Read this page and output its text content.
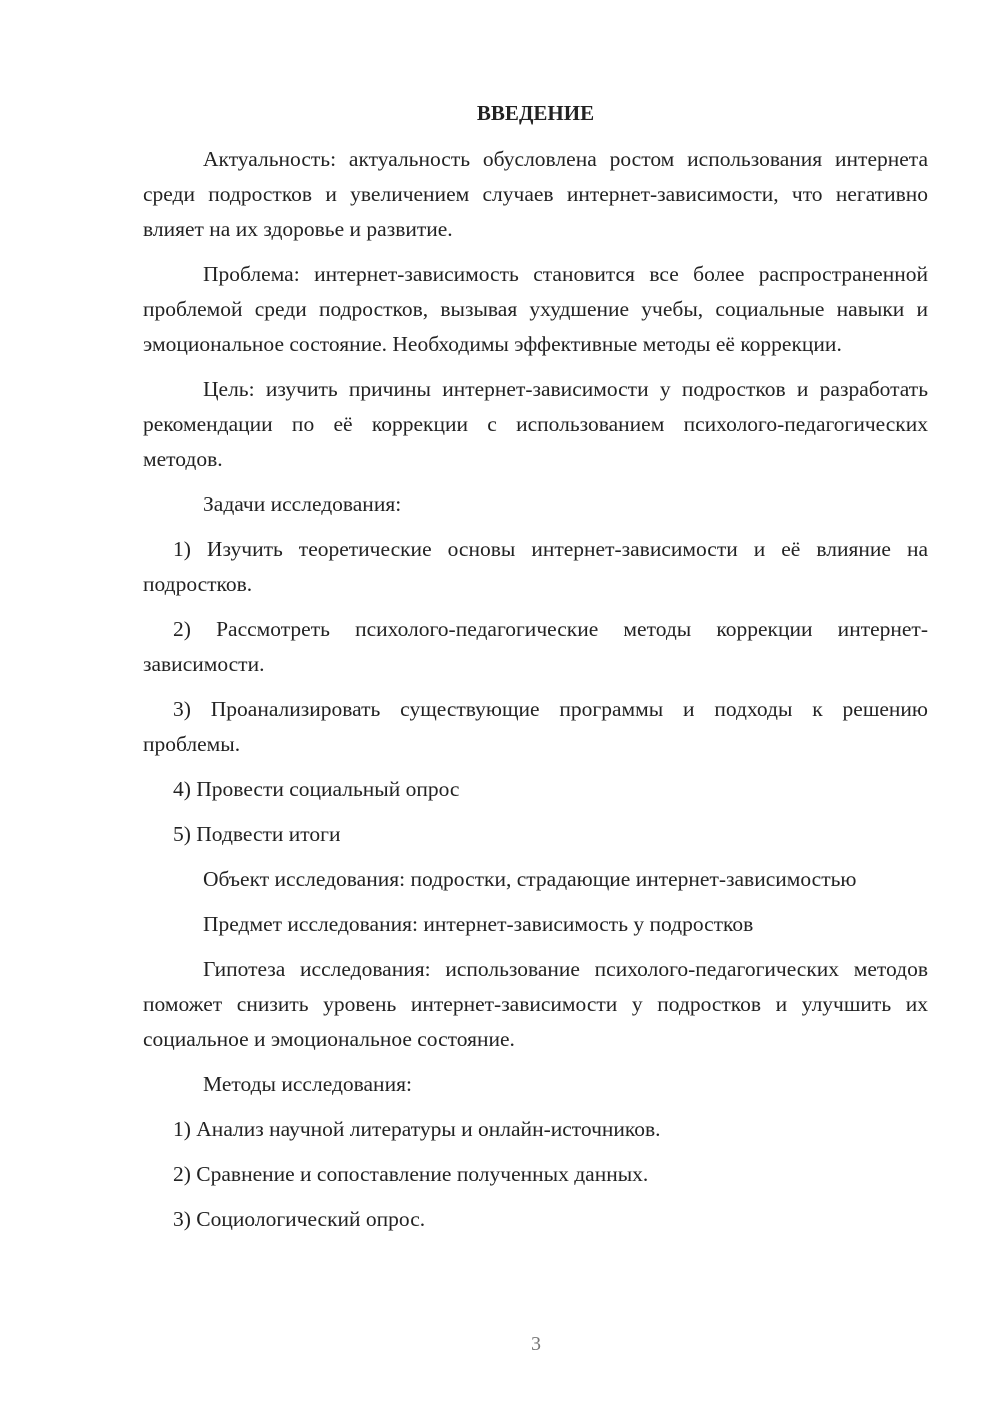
ВВЕДЕНИЕ

Актуальность: актуальность обусловлена ростом использования интернета среди подростков и увеличением случаев интернет-зависимости, что негативно влияет на их здоровье и развитие.

Проблема: интернет-зависимость становится все более распространенной проблемой среди подростков, вызывая ухудшение учебы, социальные навыки и эмоциональное состояние. Необходимы эффективные методы её коррекции.

Цель: изучить причины интернет-зависимости у подростков и разработать рекомендации по её коррекции с использованием психолого-педагогических методов.

Задачи исследования:

1) Изучить теоретические основы интернет-зависимости и её влияние на подростков.

2) Рассмотреть психолого-педагогические методы коррекции интернет-зависимости.

3) Проанализировать существующие программы и подходы к решению проблемы.

4) Провести социальный опрос

5) Подвести итоги

Объект исследования: подростки, страдающие интернет-зависимостью

Предмет исследования: интернет-зависимость у подростков

Гипотеза исследования: использование психолого-педагогических методов поможет снизить уровень интернет-зависимости у подростков и улучшить их социальное и эмоциональное состояние.

Методы исследования:

1) Анализ научной литературы и онлайн-источников.

2) Сравнение и сопоставление полученных данных.

3) Социологический опрос.

3
